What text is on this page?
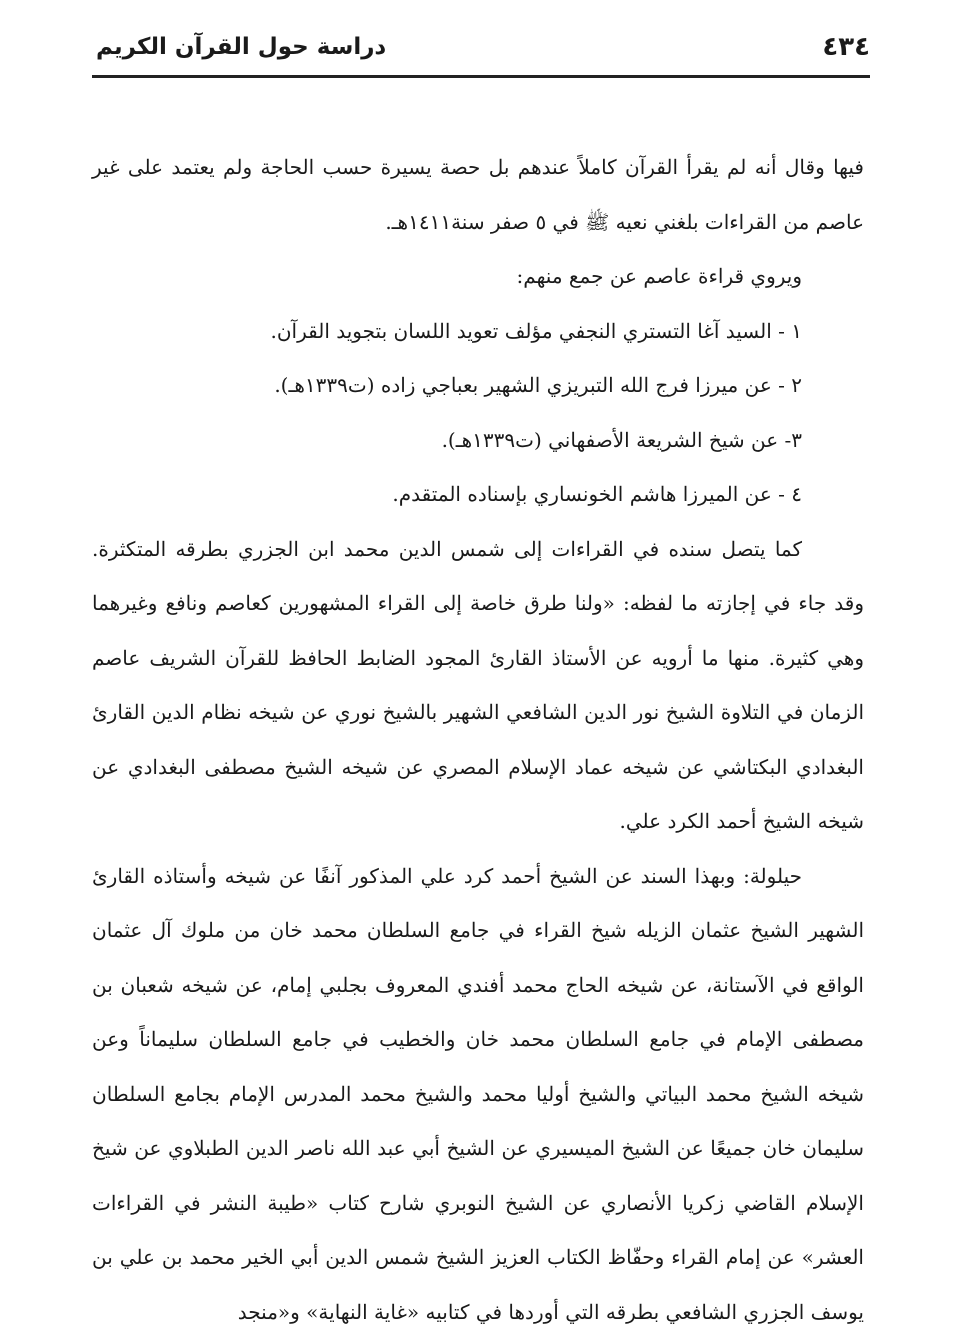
٤٣٤
دراسة حول القرآن الكريم

فيها وقال أنه لم يقرأ القرآن كاملاً عندهم بل حصة يسيرة حسب الحاجة ولم يعتمد على غير عاصم من القراءات بلغني نعيه ﷺ في ٥ صفر سنة١٤١١هـ.

ويروي قراءة عاصم عن جمع منهم:

١ - السيد آغا التستري النجفي مؤلف تعويد اللسان بتجويد القرآن.

٢ - عن ميرزا فرج الله التبريزي الشهير بعباجي زاده (ت١٣٣٩هـ).

٣- عن شيخ الشريعة الأصفهاني (ت١٣٣٩هـ).

٤ - عن الميرزا هاشم الخونساري بإسناده المتقدم.

كما يتصل سنده في القراءات إلى شمس الدين محمد ابن الجزري بطرقه المتكثرة. وقد جاء في إجازته ما لفظه: «ولنا طرق خاصة إلى القراء المشهورين كعاصم ونافع وغيرهما وهي كثيرة. منها ما أرويه عن الأستاذ القارئ المجود الضابط الحافظ للقرآن الشريف عاصم الزمان في التلاوة الشيخ نور الدين الشافعي الشهير بالشيخ نوري عن شيخه نظام الدين القارئ البغدادي البكتاشي عن شيخه عماد الإسلام المصري عن شيخه الشيخ مصطفى البغدادي عن شيخه الشيخ أحمد الكرد علي.

حيلولة: وبهذا السند عن الشيخ أحمد كرد علي المذكور آنفًا عن شيخه وأستاذه القارئ الشهير الشيخ عثمان الزيله شيخ القراء في جامع السلطان محمد خان من ملوك آل عثمان الواقع في الآستانة، عن شيخه الحاج محمد أفندي المعروف بجلبي إمام، عن شيخه شعبان بن مصطفى الإمام في جامع السلطان محمد خان والخطيب في جامع السلطان سليماناً وعن شيخه الشيخ محمد البياتي والشيخ أوليا محمد والشيخ محمد المدرس الإمام بجامع السلطان سليمان خان جميعًا عن الشيخ الميسيري عن الشيخ أبي عبد الله ناصر الدين الطبلاوي عن شيخ الإسلام القاضي زكريا الأنصاري عن الشيخ النوبري شارح كتاب «طيبة النشر في القراءات العشر» عن إمام القراء وحفّاظ الكتاب العزيز الشيخ شمس الدين أبي الخير محمد بن علي بن يوسف الجزري الشافعي بطرقه التي أوردها في كتابيه «غاية النهاية» و«منجد
